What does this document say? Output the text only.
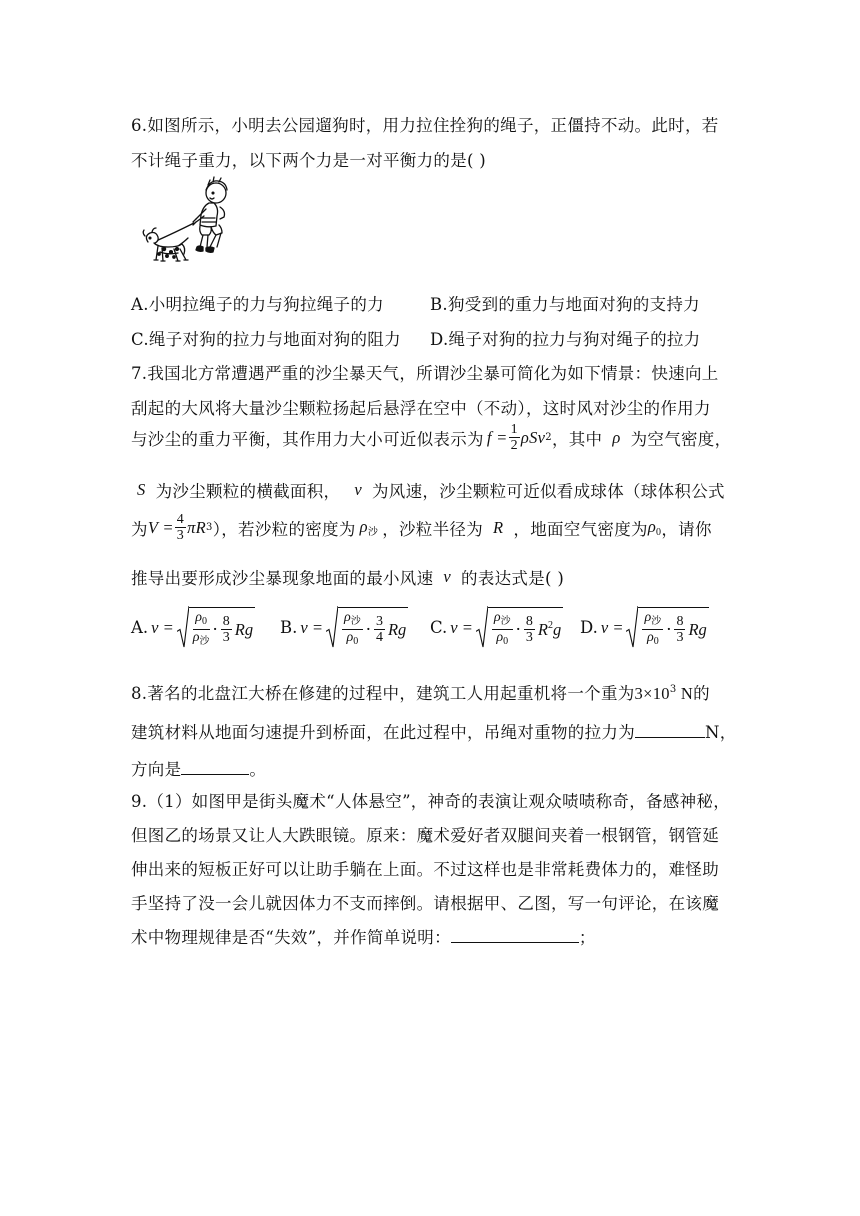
6.如图所示，小明去公园遛狗时，用力拉住拴狗的绳子，正僵持不动。此时，若
不计绳子重力，以下两个力是一对平衡力的是( )
A.小明拉绳子的力与狗拉绳子的力	B.狗受到的重力与地面对狗的支持力
C.绳子对狗的拉力与地面对狗的阻力 D.绳子对狗的拉力与狗对绳子的拉力
7.我国北方常遭遇严重的沙尘暴天气，所谓沙尘暴可简化为如下情景：快速向上
刮起的大风将大量沙尘颗粒扬起后悬浮在空中（不动），这时风对沙尘的作用力
与沙尘的重力平衡，其作用力大小可近似表示为 $f = \frac{1}{2}$ ρSv 2 ，其中 ρ 为空气密度，
S 为沙尘颗粒的横截面积， v 为风速，沙尘颗粒可近似看成球体（球体积公式
为 $V = \frac{4}{3}$ πR 3 ），若沙粒的密度为 $\rho_沙$ ，沙粒半径为 R ，地面空气密度为 $\rho_0$ ，请你
推导出要形成沙尘暴现象地面的最小风速 v 的表达式是( )
A. $v = \frac{\rho_0}{\rho_沙} \cdot \frac{8}{3}$ Rg B. $v = \frac{\rho_沙}{\rho_0} \cdot \frac{3}{4}$ Rg C. $v = \frac{\rho_沙}{\rho_0} \cdot \frac{8}{3} R^2g$ D. $v = \frac{\rho_沙}{\rho_0} \cdot \frac{8}{3}$ Rg
8.著名的北盘江大桥在修建的过程中，建筑工人用起重机将一个重为$3\times 10^3$ N的
建筑材料从地面匀速提升到桥面，在此过程中，吊绳对重物的拉力为	N，
方向是	。
9.（1）如图甲是街头魔术“人体悬空”，神奇的表演让观众啧啧称奇，备感神秘，
但图乙的场景又让人大跌眼镜。原来：魔术爱好者双腿间夹着一根钢管，钢管延
伸出来的短板正好可以让助手躺在上面。不过这样也是非常耗费体力的，难怪助
手坚持了没一会儿就因体力不支而摔倒。请根据甲、乙图，写一句评论，在该魔
术中物理规律是否“失效”，并作简单说明：	；
